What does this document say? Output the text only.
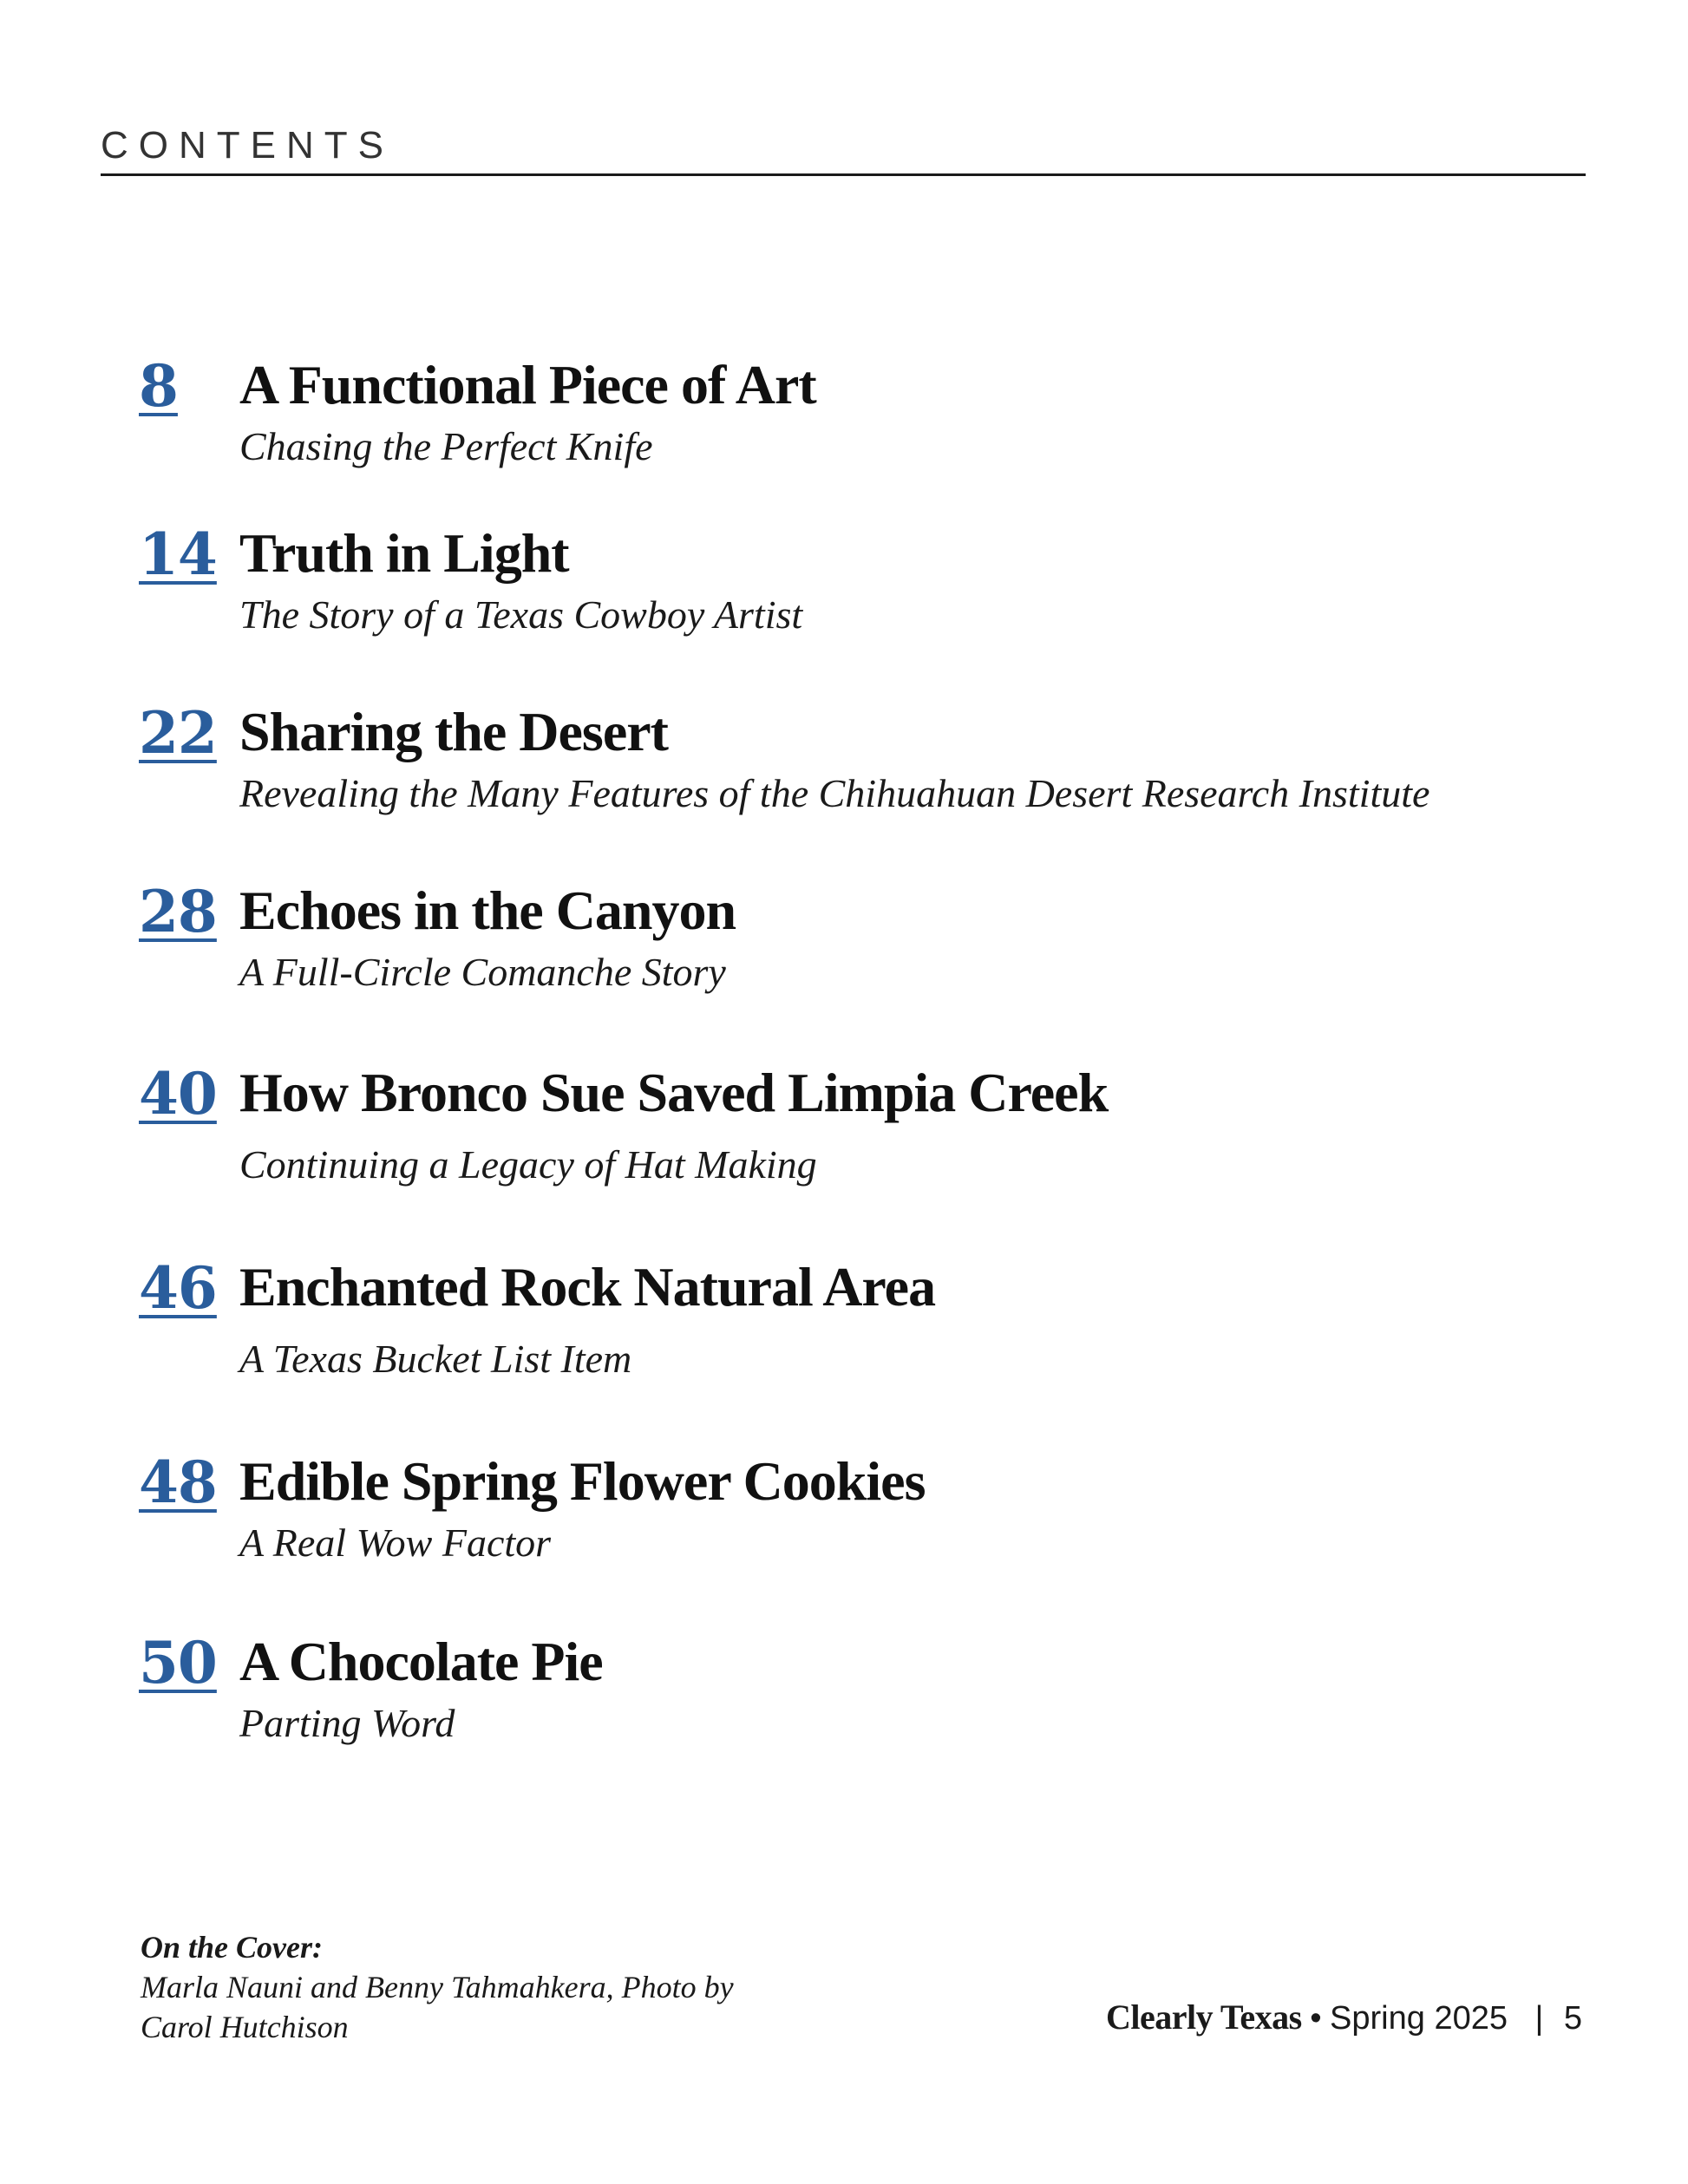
CONTENTS
8 A Functional Piece of Art
Chasing the Perfect Knife
14 Truth in Light
The Story of a Texas Cowboy Artist
22 Sharing the Desert
Revealing the Many Features of the Chihuahuan Desert Research Institute
28 Echoes in the Canyon
A Full-Circle Comanche Story
40 How Bronco Sue Saved Limpia Creek
Continuing a Legacy of Hat Making
46 Enchanted Rock Natural Area
A Texas Bucket List Item
48 Edible Spring Flower Cookies
A Real Wow Factor
50 A Chocolate Pie
Parting Word
On the Cover:
Marla Nauni and Benny Tahmahkera, Photo by
Carol Hutchison	Clearly Texas • Spring 2025 | 5
